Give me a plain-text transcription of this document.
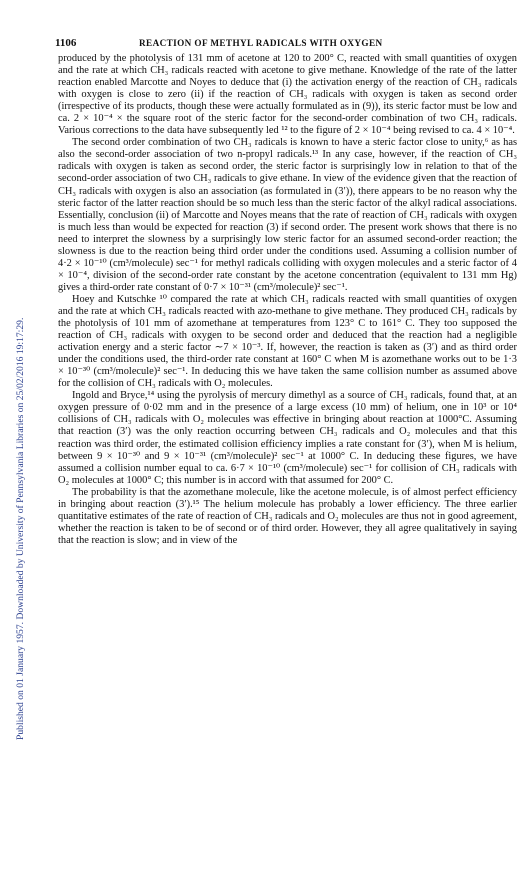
1106	REACTION OF METHYL RADICALS WITH OXYGEN
Published on 01 January 1957. Downloaded by University of Pennsylvania Libraries on 25/02/2016 19:17:29.

produced by the photolysis of 131 mm of acetone at 120 to 200° C, reacted with small quantities of oxygen and the rate at which CH₃ radicals reacted with acetone to give methane. Knowledge of the rate of the latter reaction enabled Marcotte and Noyes to deduce that (i) the activation energy of the reaction of CH₃ radicals with oxygen is close to zero (ii) if the reaction of CH₃ radicals with oxygen is taken as second order (irrespective of its products, though these were actually formulated as in (9)), its steric factor must be low and ca. 2 × 10⁻⁴ × the square root of the steric factor for the second-order combination of two CH₃ radicals. Various corrections to the data have subsequently led ¹² to the figure of 2 × 10⁻⁴ being revised to ca. 4 × 10⁻⁴.

The second order combination of two CH₃ radicals is known to have a steric factor close to unity,⁶ as has also the second-order association of two n-propyl radicals.¹³ In any case, however, if the reaction of CH₃ radicals with oxygen is taken as second order, the steric factor is surprisingly low in relation to that of the second-order association of two CH₃ radicals to give ethane. In view of the evidence given that the reaction of CH₃ radicals with oxygen is also an association (as formulated in (3′)), there appears to be no reason why the steric factor of the latter reaction should be so much less than the steric factor of the alkyl radical associations. Essentially, conclusion (ii) of Marcotte and Noyes means that the rate of reaction of CH₃ radicals with oxygen is much less than would be expected for reaction (3) if second order. The present work shows that there is no need to interpret the slowness by a surprisingly low steric factor for an assumed second-order reaction; the slowness is due to the reaction being third order under the conditions used. Assuming a collision number of 4·2 × 10⁻¹⁰ (cm³/molecule) sec⁻¹ for methyl radicals colliding with oxygen molecules and a steric factor of 4 × 10⁻⁴, division of the second-order rate constant by the acetone concentration (equivalent to 131 mm Hg) gives a third-order rate constant of 0·7 × 10⁻³¹ (cm³/molecule)² sec⁻¹.

Hoey and Kutschke ¹⁰ compared the rate at which CH₃ radicals reacted with small quantities of oxygen and the rate at which CH₃ radicals reacted with azo-methane to give methane. They produced CH₃ radicals by the photolysis of 101 mm of azomethane at temperatures from 123° C to 161° C. They too supposed the reaction of CH₃ radicals with oxygen to be second order and deduced that the reaction had a negligible activation energy and a steric factor ∼7 × 10⁻³. If, however, the reaction is taken as (3′) and as third order under the conditions used, the third-order rate constant at 160° C when M is azomethane works out to be 1·3 × 10⁻³⁰ (cm³/molecule)² sec⁻¹. In deducing this we have taken the same collision number as assumed above for the collision of CH₃ radicals with O₂ molecules.

Ingold and Bryce,¹⁴ using the pyrolysis of mercury dimethyl as a source of CH₃ radicals, found that, at an oxygen pressure of 0·02 mm and in the presence of a large excess (10 mm) of helium, one in 10³ or 10⁴ collisions of CH₃ radicals with O₂ molecules was effective in bringing about reaction at 1000°C. Assuming that reaction (3′) was the only reaction occurring between CH₃ radicals and O₂ molecules and that this reaction was third order, the estimated collision efficiency implies a rate constant for (3′), when M is helium, between 9 × 10⁻³⁰ and 9 × 10⁻³¹ (cm³/molecule)² sec⁻¹ at 1000° C. In deducing these figures, we have assumed a collision number equal to ca. 6·7 × 10⁻¹⁰ (cm³/molecule) sec⁻¹ for collision of CH₃ radicals with O₂ molecules at 1000° C; this number is in accord with that assumed for 200° C.

The probability is that the azomethane molecule, like the acetone molecule, is of almost perfect efficiency in bringing about reaction (3′).¹⁵ The helium molecule has probably a lower efficiency. The three earlier quantitative estimates of the rate of reaction of CH₃ radicals and O₂ molecules are thus not in good agreement, whether the reaction is taken to be of second or of third order. However, they all agree qualitatively in saying that the reaction is slow; and in view of the
